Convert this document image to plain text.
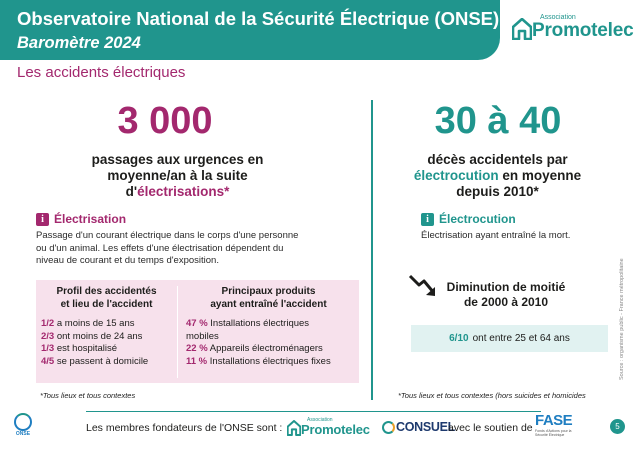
Observatoire National de la Sécurité Électrique (ONSE)
Baromètre 2024
Association
Promotelec
Les accidents électriques
3 000
passages aux urgences en
moyenne/an à la suite
d'électrisations*
i Électrisation
Passage d'un courant électrique dans le corps d'une personne
ou d'un animal. Les effets d'une électrisation dépendent du
niveau de courant et du temps d'exposition.
Profil des accidentés
et lieu de l'accident
1/2 a moins de 15 ans
2/3 ont moins de 24 ans
1/3 est hospitalisé
4/5 se passent à domicile
Principaux produits
ayant entraîné l'accident
47 % Installations électriques
mobiles
22 % Appareils électroménagers
11 % Installations électriques fixes
*Tous lieux et tous contextes
30 à 40
décès accidentels par
électrocution en moyenne
depuis 2010*
i Électrocution
Électrisation ayant entraîné la mort.
Diminution de moitié
de 2000 à 2010
6/10 ont entre 25 et 64 ans
*Tous lieux et tous contextes (hors suicides et homicides
Source : organisme public - France métropolitaine
ONSE	Les membres fondateurs de l'ONSE sont :
Association
Promotelec CONSUEL
avec le soutien de FASE
Fonds d'Actions pour la Sécurité Électrique
5
